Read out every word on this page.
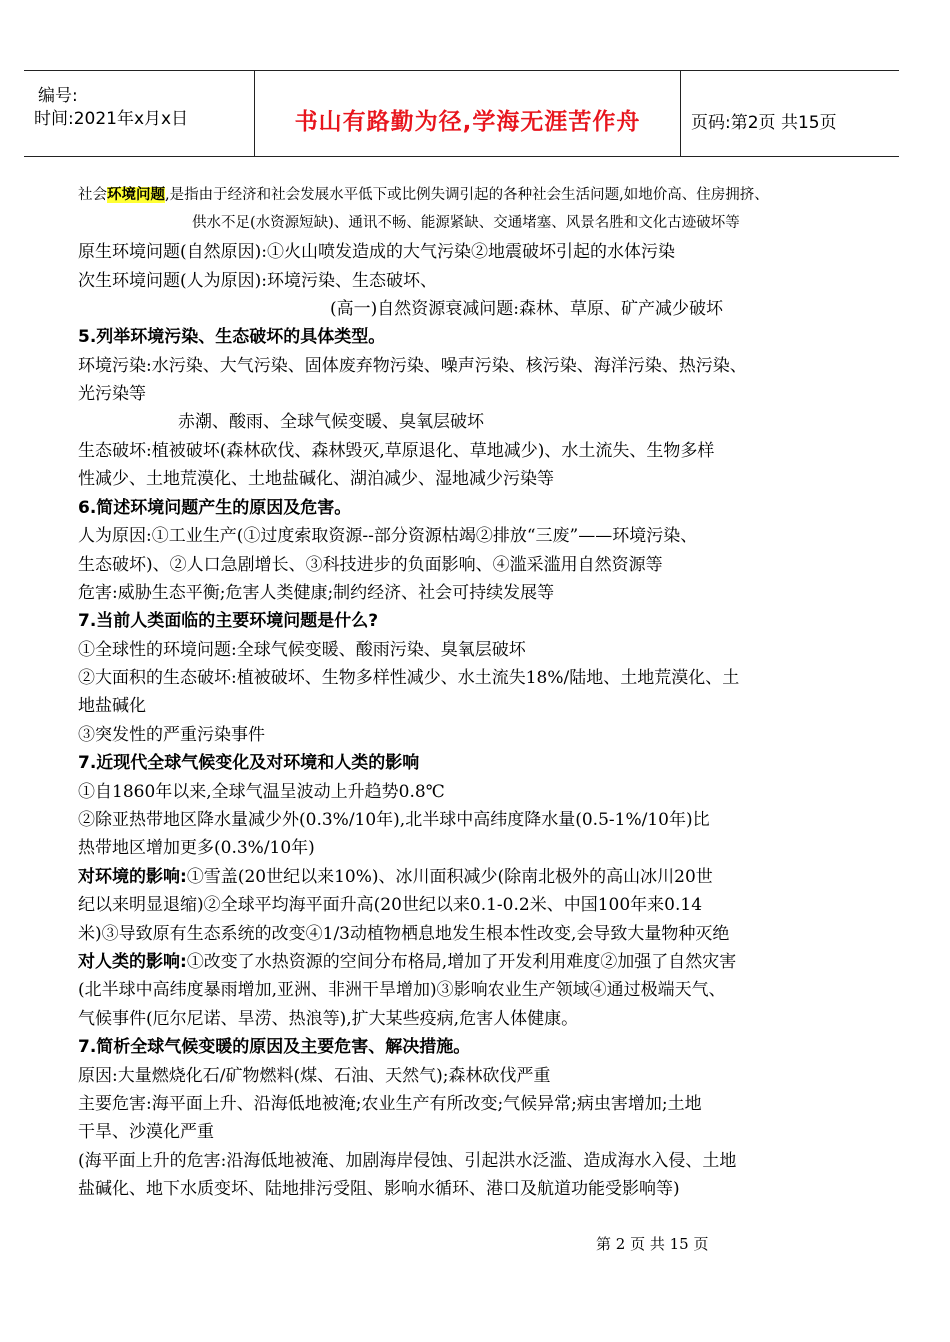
编号:
时间:2021年x月x日	书山有路勤为径,学海无涯苦作舟	页码:第2页 共15页
社会环境问题,是指由于经济和社会发展水平低下或比例失调引起的各种社会生活问题,如地价高、住房拥挤、
供水不足(水资源短缺)、通讯不畅、能源紧缺、交通堵塞、风景名胜和文化古迹破坏等
原生环境问题(自然原因):①火山喷发造成的大气污染②地震破坏引起的水体污染
次生环境问题(人为原因):环境污染、生态破坏、
(高一)自然资源衰减问题:森林、草原、矿产减少破坏
5.列举环境污染、生态破坏的具体类型。
环境污染:水污染、大气污染、固体废弃物污染、噪声污染、核污染、海洋污染、热污染、
光污染等
赤潮、酸雨、全球气候变暖、臭氧层破坏
生态破坏:植被破坏(森林砍伐、森林毁灭,草原退化、草地减少)、水土流失、生物多样
性减少、土地荒漠化、土地盐碱化、湖泊减少、湿地减少污染等
6.简述环境问题产生的原因及危害。
人为原因:①工业生产(①过度索取资源--部分资源枯竭②排放“三废”——环境污染、
生态破坏)、②人口急剧增长、③科技进步的负面影响、④滥采滥用自然资源等
危害:威胁生态平衡;危害人类健康;制约经济、社会可持续发展等
7.当前人类面临的主要环境问题是什么?
①全球性的环境问题:全球气候变暖、酸雨污染、臭氧层破坏
②大面积的生态破坏:植被破坏、生物多样性减少、水土流失18%/陆地、土地荒漠化、土
地盐碱化
③突发性的严重污染事件
7.近现代全球气候变化及对环境和人类的影响
①自1860年以来,全球气温呈波动上升趋势0.8℃
②除亚热带地区降水量减少外(0.3%/10年),北半球中高纬度降水量(0.5-1%/10年)比
热带地区增加更多(0.3%/10年)
对环境的影响:①雪盖(20世纪以来10%)、冰川面积减少(除南北极外的高山冰川20世
纪以来明显退缩)②全球平均海平面升高(20世纪以来0.1-0.2米、中国100年来0.14
米)③导致原有生态系统的改变④1/3动植物栖息地发生根本性改变,会导致大量物种灭绝
对人类的影响:①改变了水热资源的空间分布格局,增加了开发利用难度②加强了自然灾害
(北半球中高纬度暴雨增加,亚洲、非洲干旱增加)③影响农业生产领域④通过极端天气、
气候事件(厄尔尼诺、旱涝、热浪等),扩大某些疫病,危害人体健康。
7.简析全球气候变暖的原因及主要危害、解决措施。
原因:大量燃烧化石/矿物燃料(煤、石油、天然气);森林砍伐严重
主要危害:海平面上升、沿海低地被淹;农业生产有所改变;气候异常;病虫害增加;土地
干旱、沙漠化严重
(海平面上升的危害:沿海低地被淹、加剧海岸侵蚀、引起洪水泛滥、造成海水入侵、土地
盐碱化、地下水质变坏、陆地排污受阻、影响水循环、港口及航道功能受影响等)
第 2 页 共 15 页
